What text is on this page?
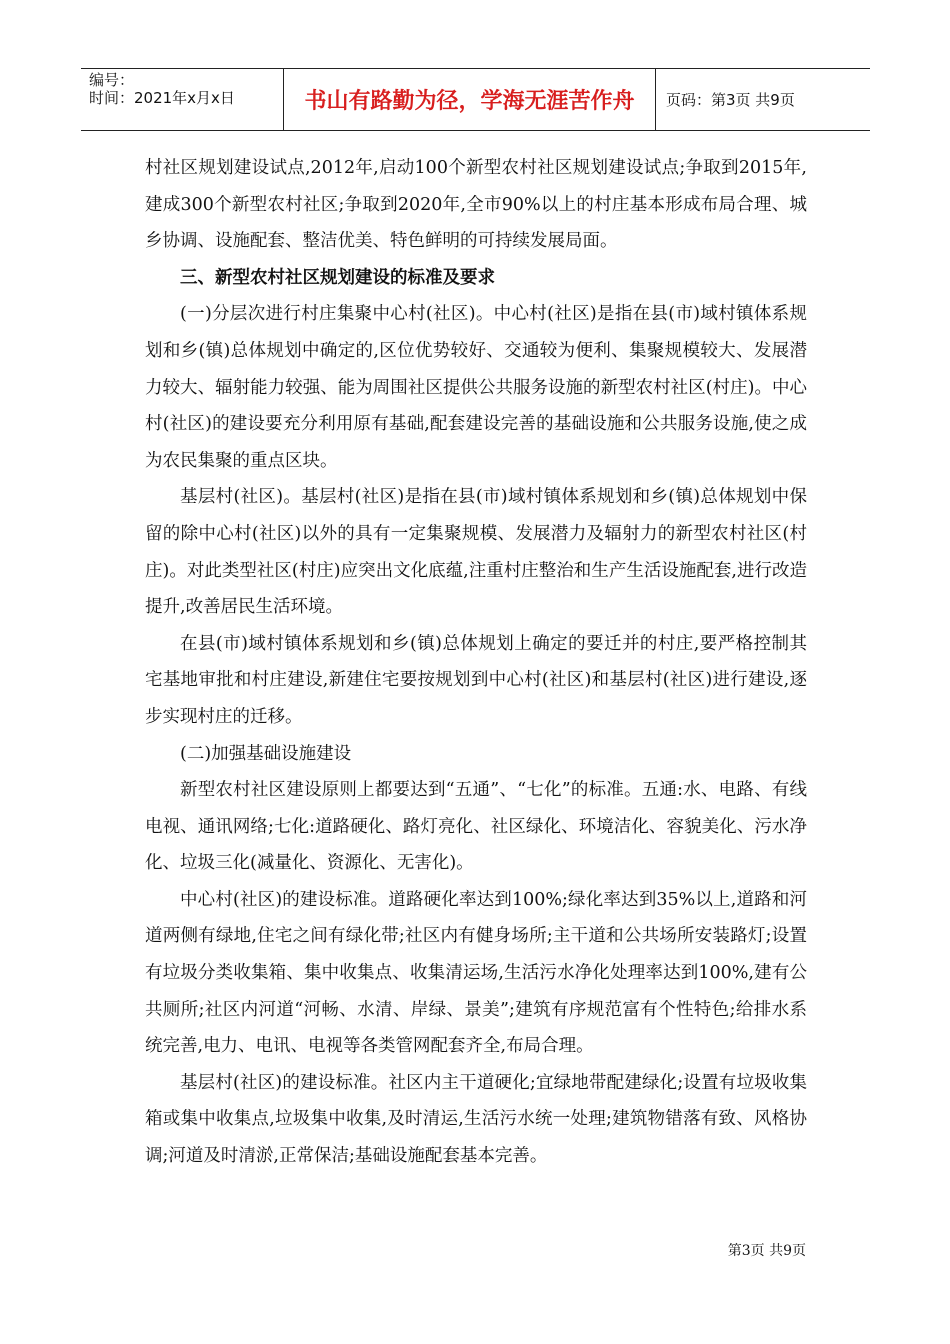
编号：
时间：2021年x月x日	书山有路勤为径，学海无涯苦作舟	页码：第3页 共9页

村社区规划建设试点,2012年,启动100个新型农村社区规划建设试点;争取到2015年,建成300个新型农村社区;争取到2020年,全市90%以上的村庄基本形成布局合理、城乡协调、设施配套、整洁优美、特色鲜明的可持续发展局面。

三、新型农村社区规划建设的标准及要求

(一)分层次进行村庄集聚中心村(社区)。中心村(社区)是指在县(市)域村镇体系规划和乡(镇)总体规划中确定的,区位优势较好、交通较为便利、集聚规模较大、发展潜力较大、辐射能力较强、能为周围社区提供公共服务设施的新型农村社区(村庄)。中心村(社区)的建设要充分利用原有基础,配套建设完善的基础设施和公共服务设施,使之成为农民集聚的重点区块。

基层村(社区)。基层村(社区)是指在县(市)域村镇体系规划和乡(镇)总体规划中保留的除中心村(社区)以外的具有一定集聚规模、发展潜力及辐射力的新型农村社区(村庄)。对此类型社区(村庄)应突出文化底蕴,注重村庄整治和生产生活设施配套,进行改造提升,改善居民生活环境。

在县(市)域村镇体系规划和乡(镇)总体规划上确定的要迁并的村庄,要严格控制其宅基地审批和村庄建设,新建住宅要按规划到中心村(社区)和基层村(社区)进行建设,逐步实现村庄的迁移。

(二)加强基础设施建设

新型农村社区建设原则上都要达到“五通”、“七化”的标准。五通:水、电路、有线电视、通讯网络;七化:道路硬化、路灯亮化、社区绿化、环境洁化、容貌美化、污水净化、垃圾三化(减量化、资源化、无害化)。

中心村(社区)的建设标准。道路硬化率达到100%;绿化率达到35%以上,道路和河道两侧有绿地,住宅之间有绿化带;社区内有健身场所;主干道和公共场所安装路灯;设置有垃圾分类收集箱、集中收集点、收集清运场,生活污水净化处理率达到100%,建有公共厕所;社区内河道“河畅、水清、岸绿、景美”;建筑有序规范富有个性特色;给排水系统完善,电力、电讯、电视等各类管网配套齐全,布局合理。

基层村(社区)的建设标准。社区内主干道硬化;宜绿地带配建绿化;设置有垃圾收集箱或集中收集点,垃圾集中收集,及时清运,生活污水统一处理;建筑物错落有致、风格协调;河道及时清淤,正常保洁;基础设施配套基本完善。

第3页 共9页
